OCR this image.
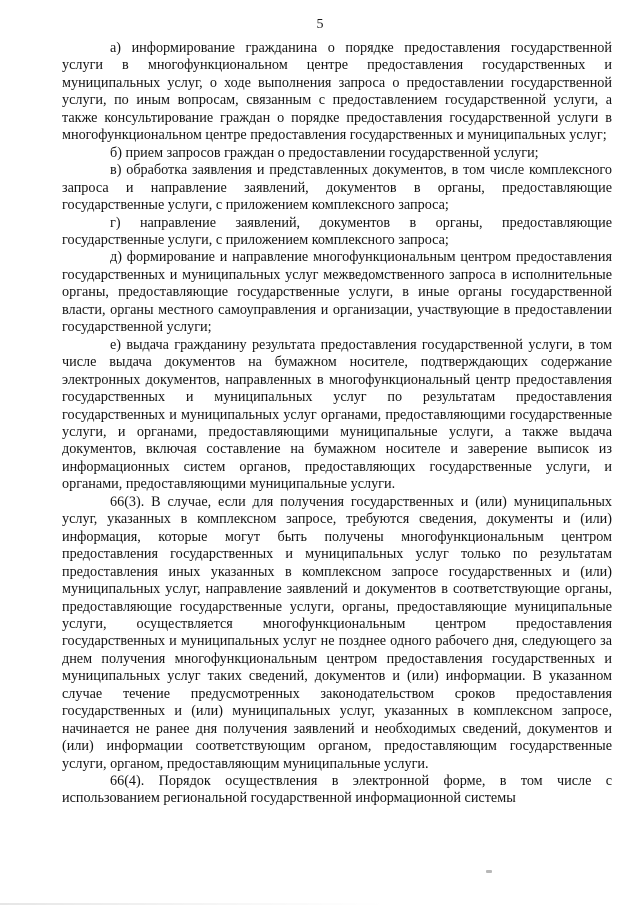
5

а) информирование гражданина о порядке предоставления государственной услуги в многофункциональном центре предоставления государственных и муниципальных услуг, о ходе выполнения запроса о предоставлении государственной услуги, по иным вопросам, связанным с предоставлением государственной услуги, а также консультирование граждан о порядке предоставления государственной услуги в многофункциональном центре предоставления государственных и муниципальных услуг;

б) прием запросов граждан о предоставлении государственной услуги;

в) обработка заявления и представленных документов, в том числе комплексного запроса и направление заявлений, документов в органы, предоставляющие государственные услуги, с приложением комплексного запроса;

г) направление заявлений, документов в органы, предоставляющие государственные услуги, с приложением комплексного запроса;

д) формирование и направление многофункциональным центром предоставления государственных и муниципальных услуг межведомственного запроса в исполнительные органы, предоставляющие государственные услуги, в иные органы государственной власти, органы местного самоуправления и организации, участвующие в предоставлении государственной услуги;

е) выдача гражданину результата предоставления государственной услуги, в том числе выдача документов на бумажном носителе, подтверждающих содержание электронных документов, направленных в многофункциональный центр предоставления государственных и муниципальных услуг по результатам предоставления государственных и муниципальных услуг органами, предоставляющими государственные услуги, и органами, предоставляющими муниципальные услуги, а также выдача документов, включая составление на бумажном носителе и заверение выписок из информационных систем органов, предоставляющих государственные услуги, и органами, предоставляющими муниципальные услуги.

66(3). В случае, если для получения государственных и (или) муниципальных услуг, указанных в комплексном запросе, требуются сведения, документы и (или) информация, которые могут быть получены многофункциональным центром предоставления государственных и муниципальных услуг только по результатам предоставления иных указанных в комплексном запросе государственных и (или) муниципальных услуг, направление заявлений и документов в соответствующие органы, предоставляющие государственные услуги, органы, предоставляющие муниципальные услуги, осуществляется многофункциональным центром предоставления государственных и муниципальных услуг не позднее одного рабочего дня, следующего за днем получения многофункциональным центром предоставления государственных и муниципальных услуг таких сведений, документов и (или) информации. В указанном случае течение предусмотренных законодательством сроков предоставления государственных и (или) муниципальных услуг, указанных в комплексном запросе, начинается не ранее дня получения заявлений и необходимых сведений, документов и (или) информации соответствующим органом, предоставляющим государственные услуги, органом, предоставляющим муниципальные услуги.

66(4). Порядок осуществления в электронной форме, в том числе с использованием региональной государственной информационной системы
